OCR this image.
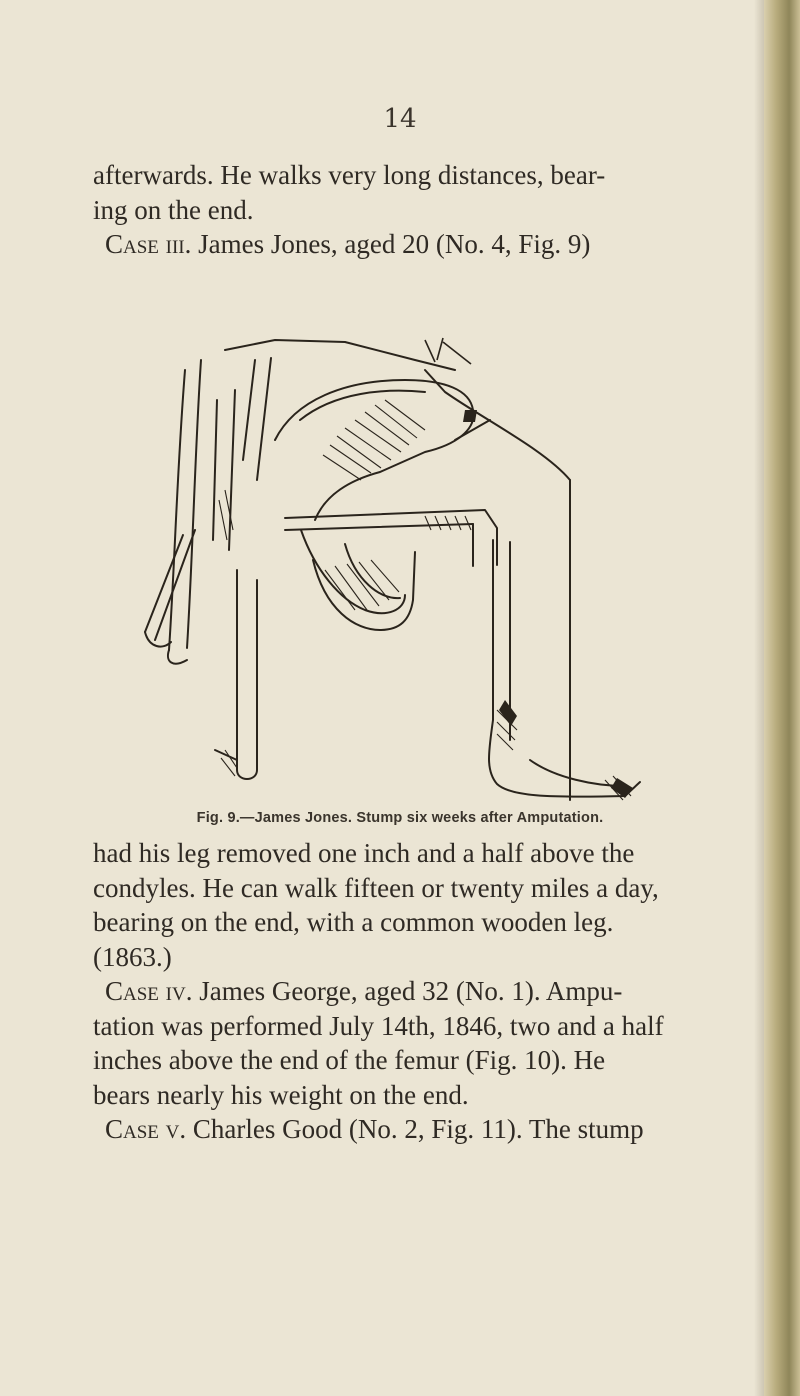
14

afterwards. He walks very long distances, bear-
ing on the end.
Case iii. James Jones, aged 20 (No. 4, Fig. 9)

Fig. 9.—James Jones. Stump six weeks after Amputation.

had his leg removed one inch and a half above the
condyles. He can walk fifteen or twenty miles a day,
bearing on the end, with a common wooden leg.
(1863.)
Case iv. James George, aged 32 (No. 1). Ampu-
tation was performed July 14th, 1846, two and a half
inches above the end of the femur (Fig. 10). He
bears nearly his weight on the end.
Case v. Charles Good (No. 2, Fig. 11). The stump
